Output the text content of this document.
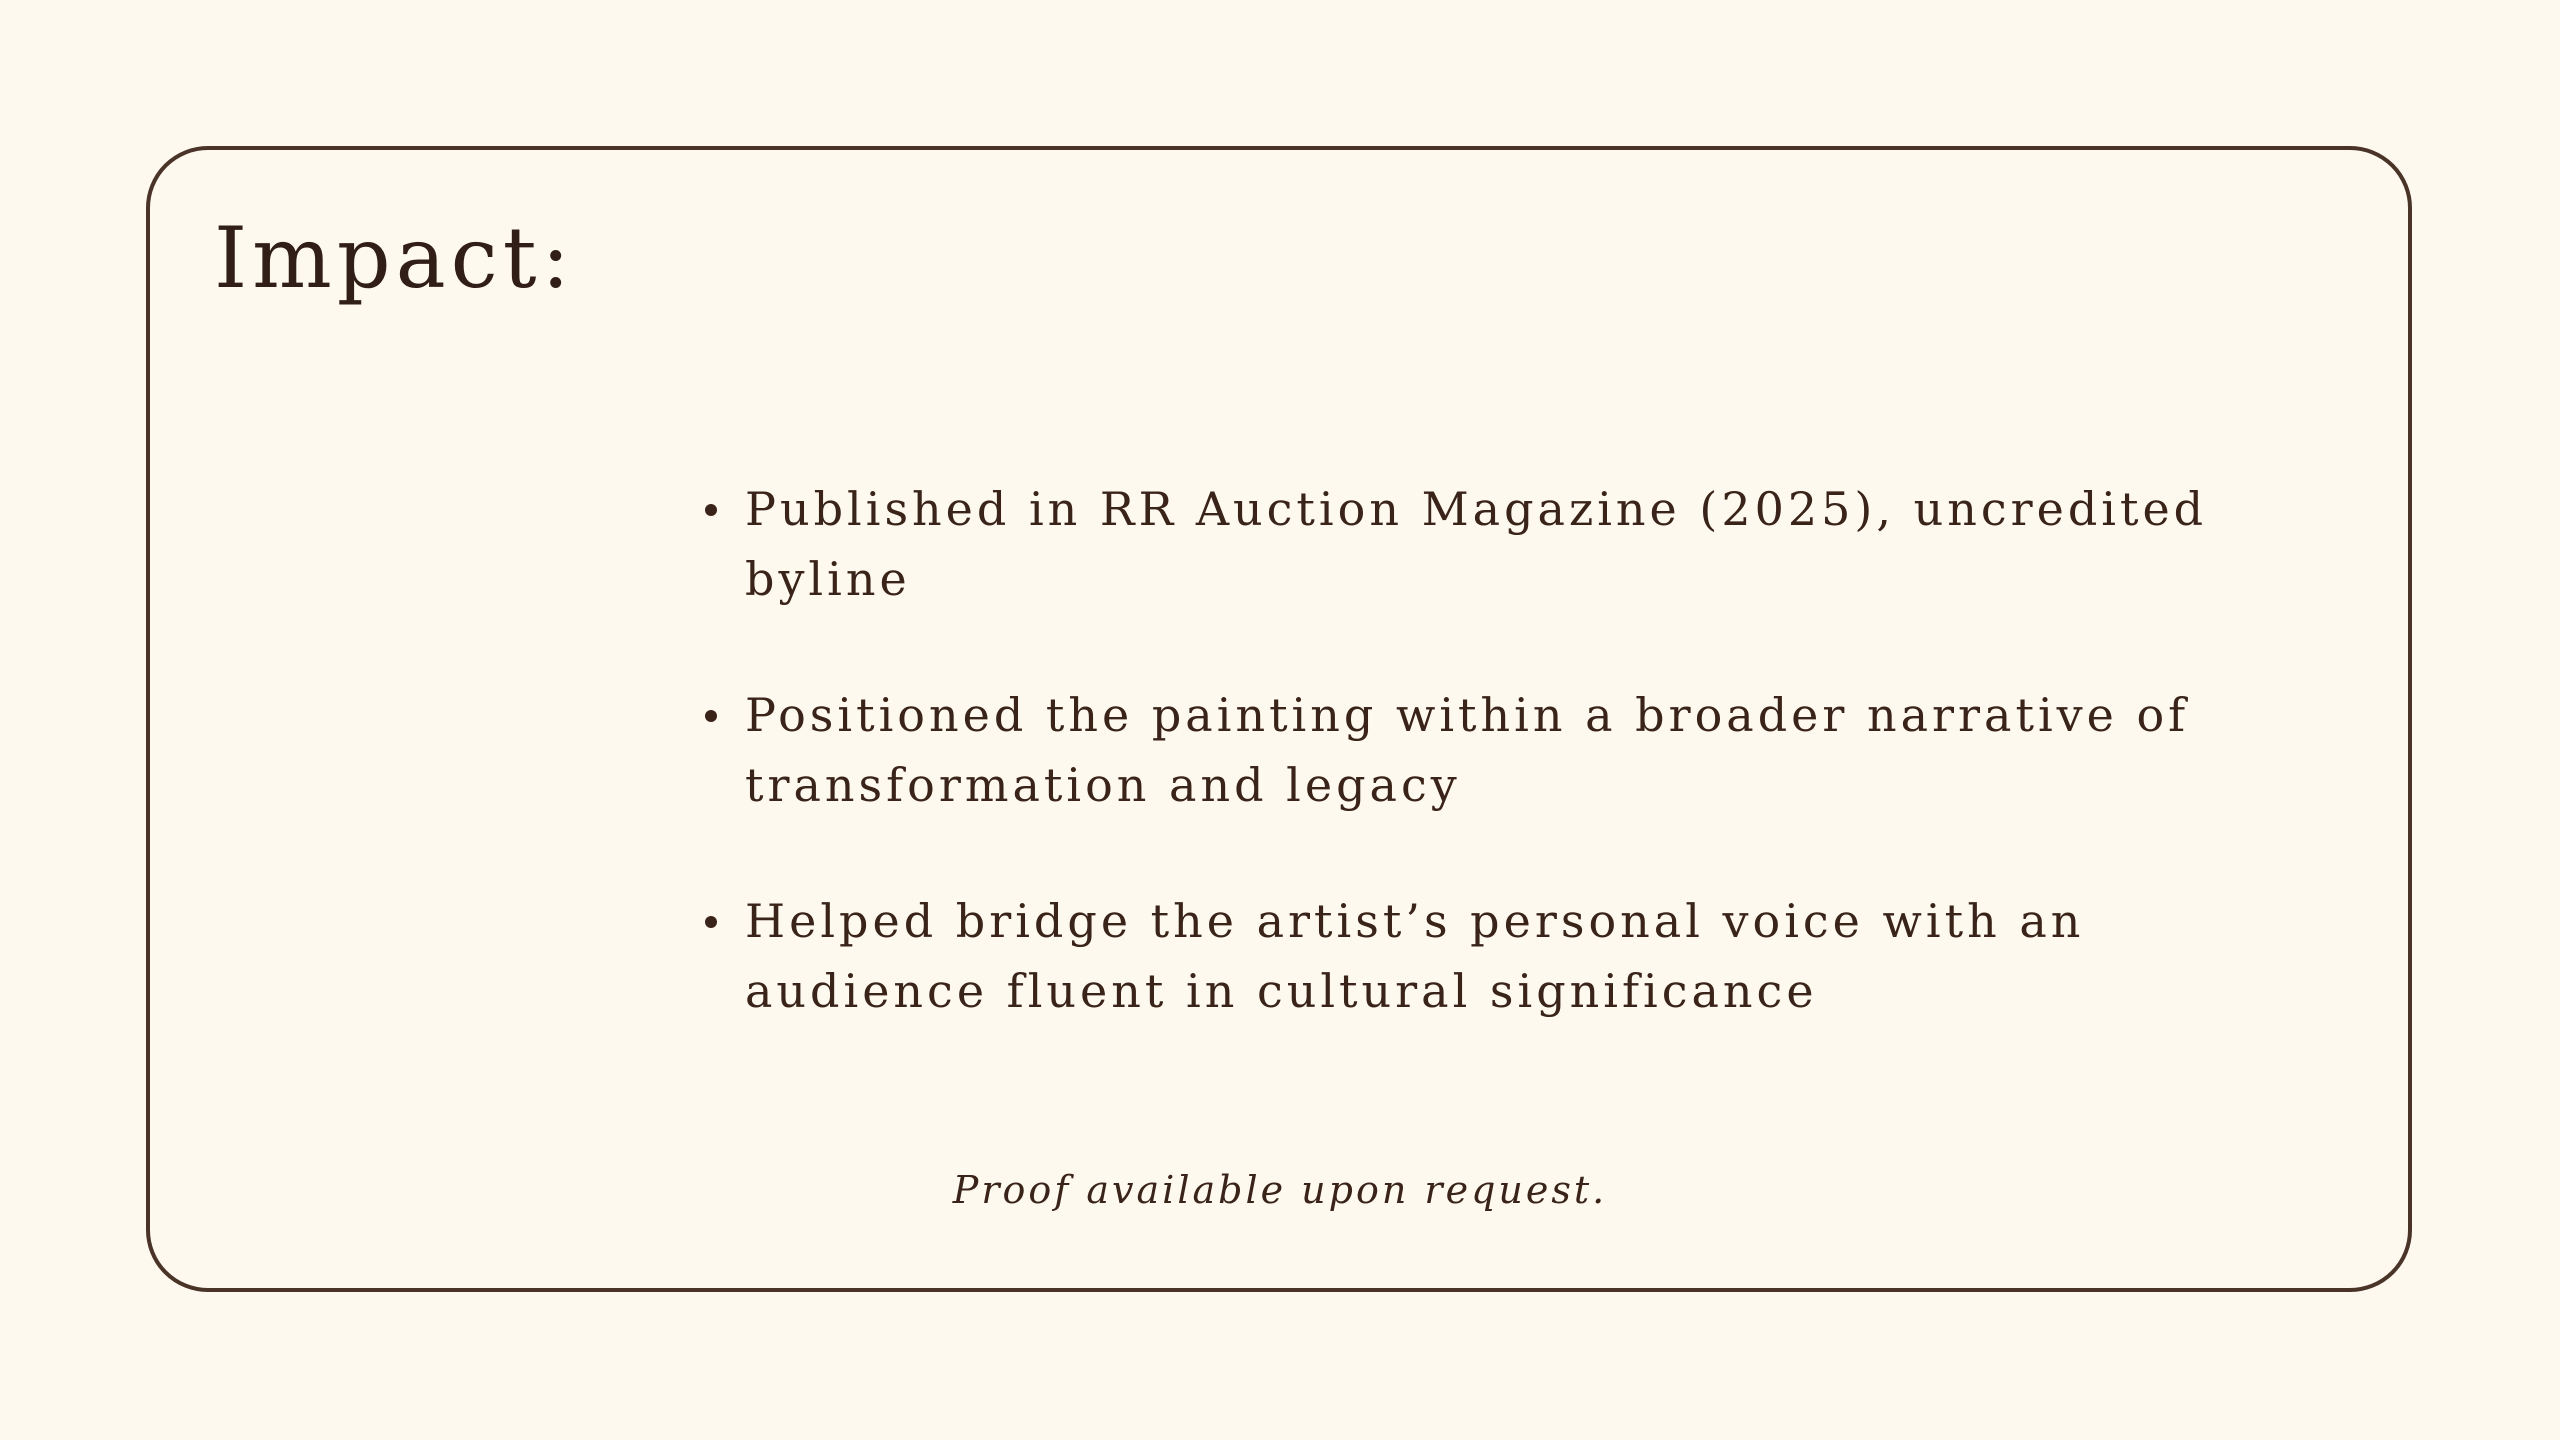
Impact:
Published in RR Auction Magazine (2025), uncredited byline
Positioned the painting within a broader narrative of transformation and legacy
Helped bridge the artist’s personal voice with an audience fluent in cultural significance

Proof available upon request.
